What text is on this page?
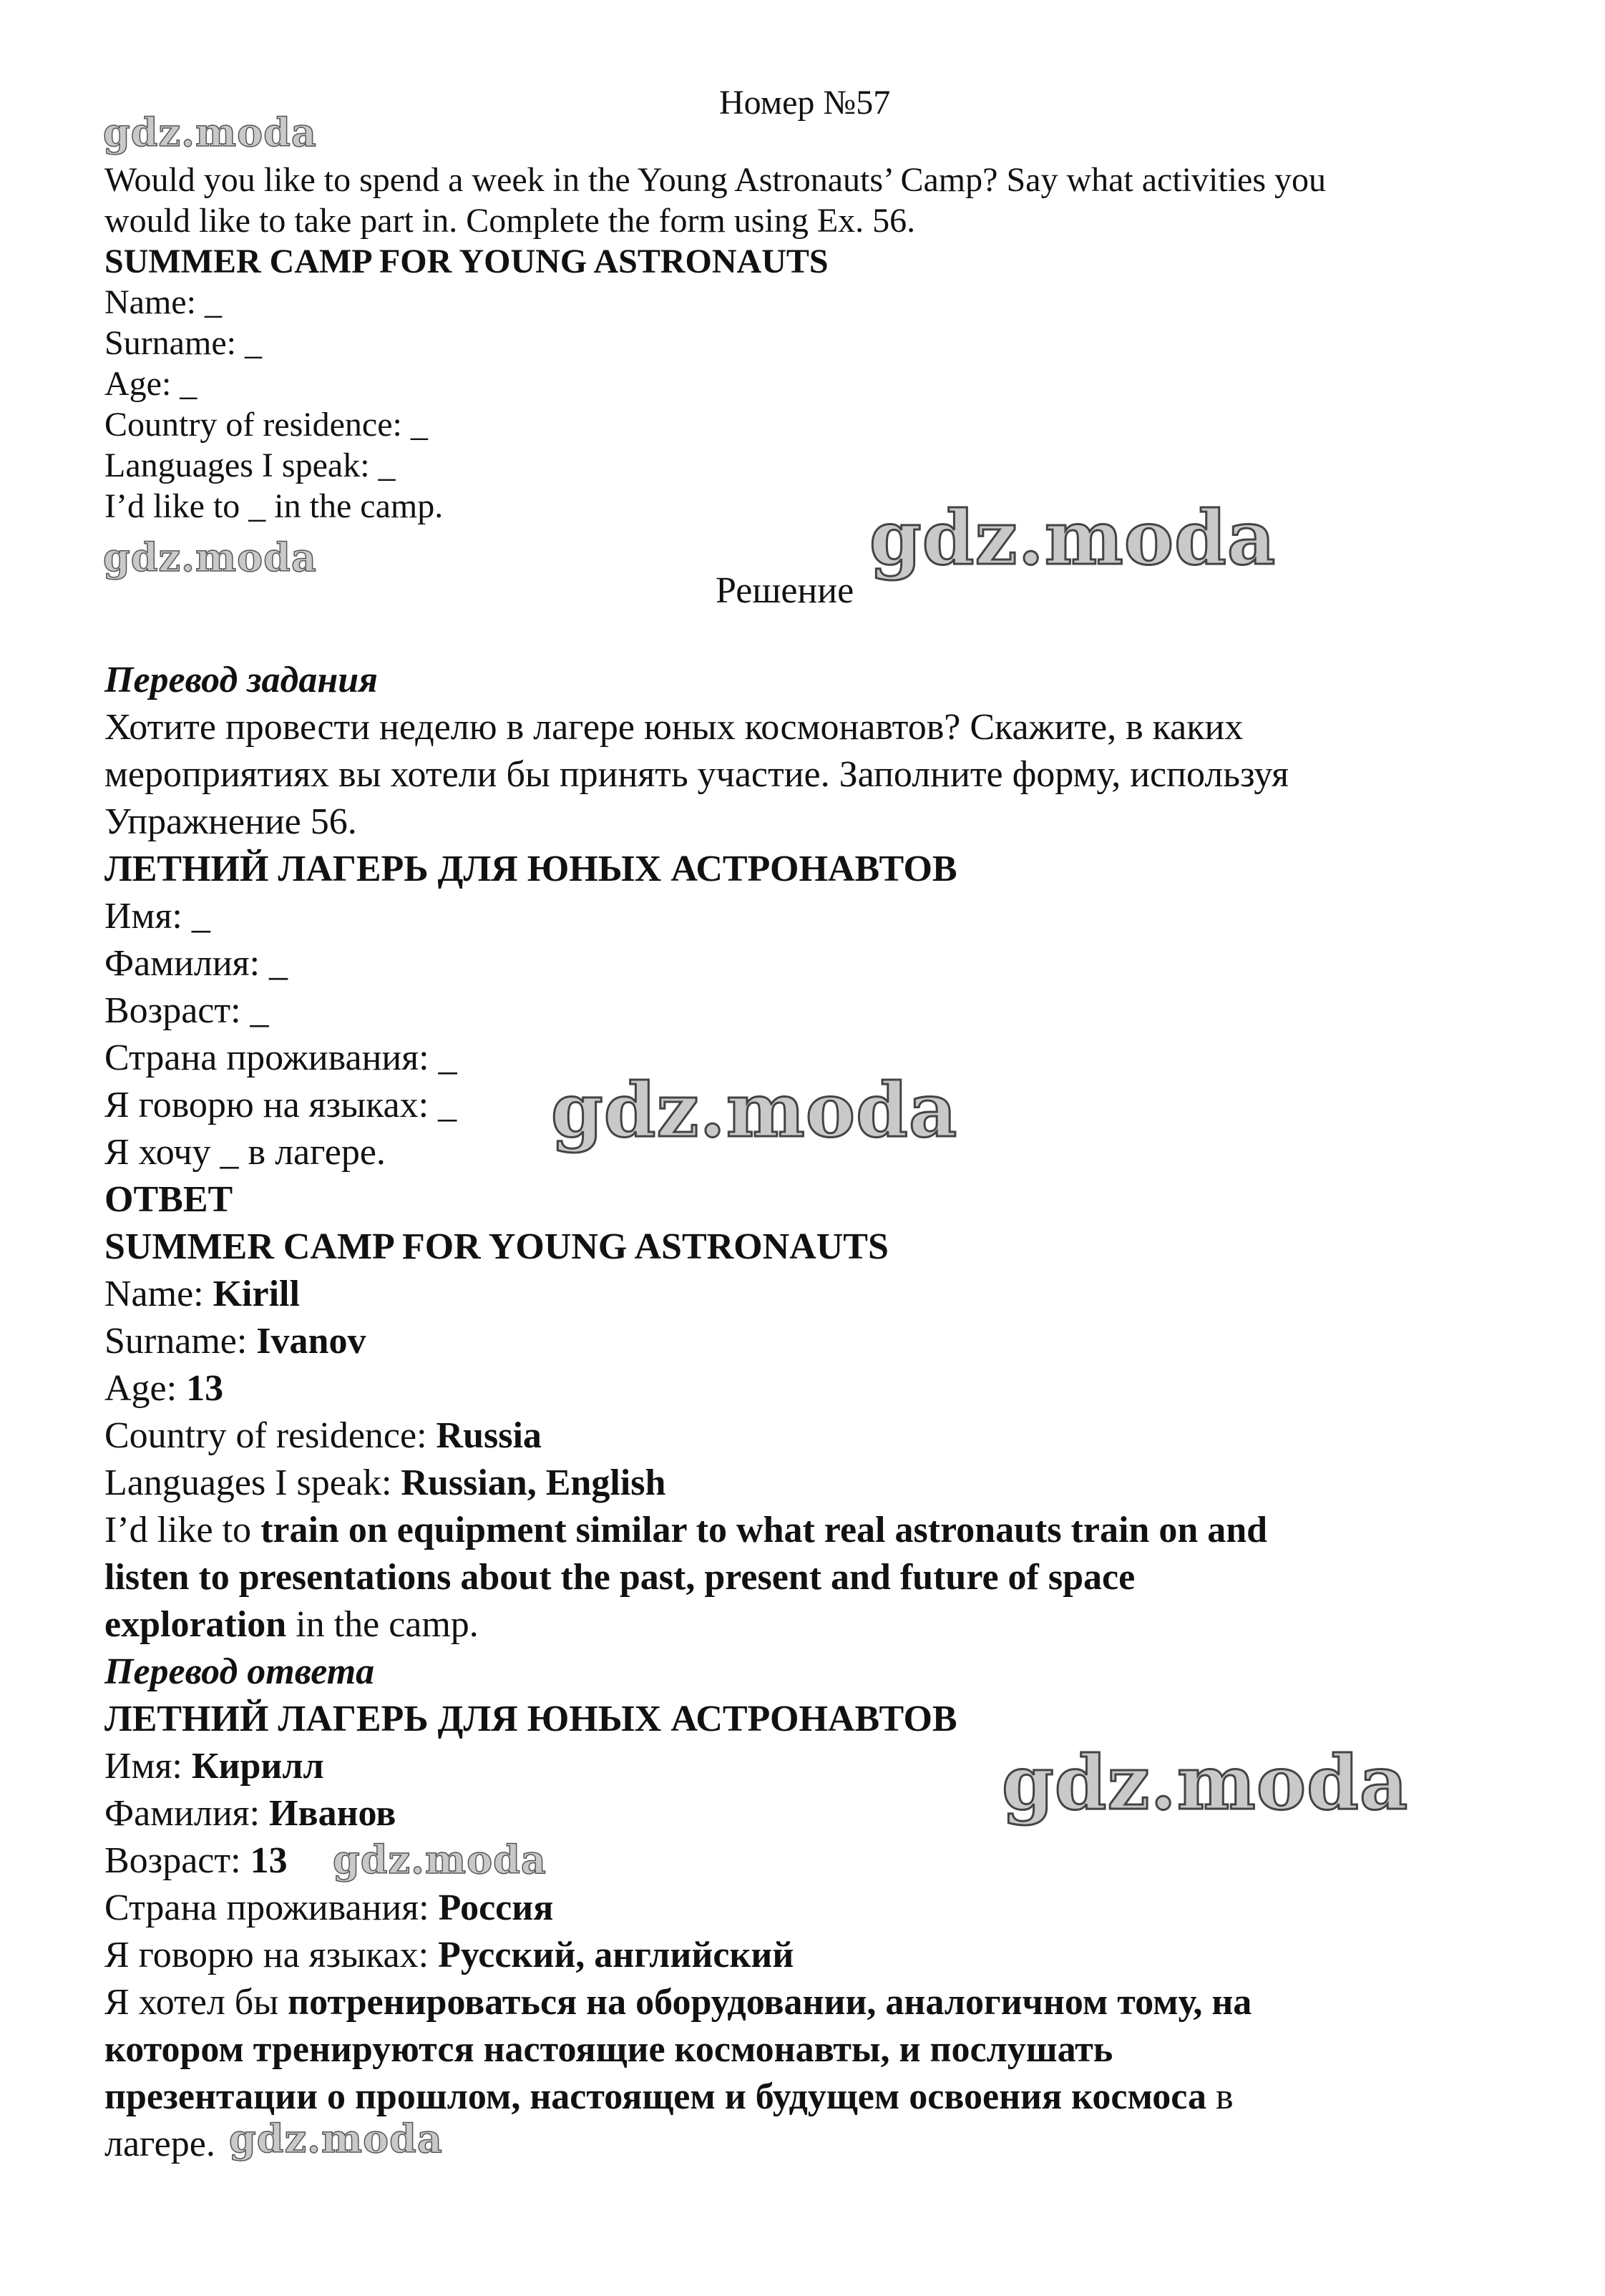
Номер №57

Would you like to spend a week in the Young Astronauts’ Camp? Say what activities you

would like to take part in. Complete the form using Ex. 56.

SUMMER CAMP FOR YOUNG ASTRONAUTS

Name: _

Surname: _

Age: _

Country of residence: _

Languages I speak: _

I’d like to _ in the camp.

Решение

Перевод задания

Хотите провести неделю в лагере юных космонавтов? Скажите, в каких

мероприятиях вы хотели бы принять участие. Заполните форму, используя

Упражнение 56.

ЛЕТНИЙ ЛАГЕРЬ ДЛЯ ЮНЫХ АСТРОНАВТОВ

Имя: _

Фамилия: _

Возраст: _

Страна проживания: _

Я говорю на языках: _

Я хочу _ в лагере.

ОТВЕТ

SUMMER CAMP FOR YOUNG ASTRONAUTS

Name: Kirill

Surname: Ivanov

Age: 13

Country of residence: Russia

Languages I speak: Russian, English

I’d like to train on equipment similar to what real astronauts train on and

listen to presentations about the past, present and future of space

exploration in the camp.

Перевод ответа

ЛЕТНИЙ ЛАГЕРЬ ДЛЯ ЮНЫХ АСТРОНАВТОВ

Имя: Кирилл

Фамилия: Иванов

Возраст: 13

Страна проживания: Россия

Я говорю на языках: Русский, английский

Я хотел бы потренироваться на оборудовании, аналогичном тому, на

котором тренируются настоящие космонавты, и послушать

презентации о прошлом, настоящем и будущем освоения космоса в

лагере.

gdz.moda
gdz.moda	gdz.moda
gdz.moda
gdz.moda
gdz.moda
gdz.moda
